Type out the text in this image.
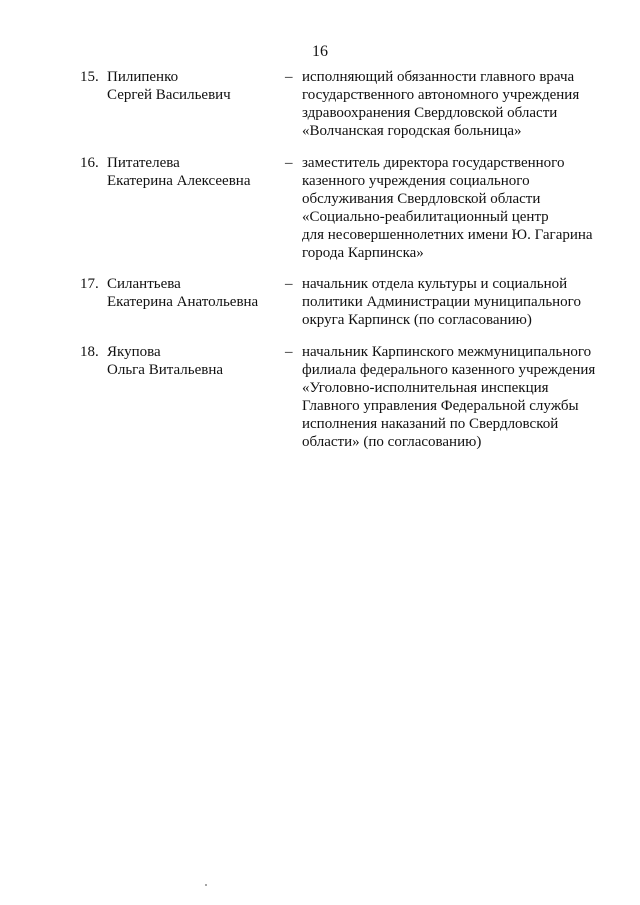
16
15. Пилипенко
Сергей Васильевич
– исполняющий обязанности главного врача
государственного автономного учреждения
здравоохранения Свердловской области
«Волчанская городская больница»
16. Питателева
Екатерина Алексеевна
– заместитель директора государственного
казенного учреждения социального
обслуживания Свердловской области
«Социально-реабилитационный центр
для несовершеннолетних имени Ю. Гагарина
города Карпинска»
17. Силантьева
Екатерина Анатольевна
– начальник отдела культуры и социальной
политики Администрации муниципального
округа Карпинск (по согласованию)
18. Якупова
Ольга Витальевна
– начальник Карпинского межмуниципального
филиала федерального казенного учреждения
«Уголовно-исполнительная инспекция
Главного управления Федеральной службы
исполнения наказаний по Свердловской
области» (по согласованию)
